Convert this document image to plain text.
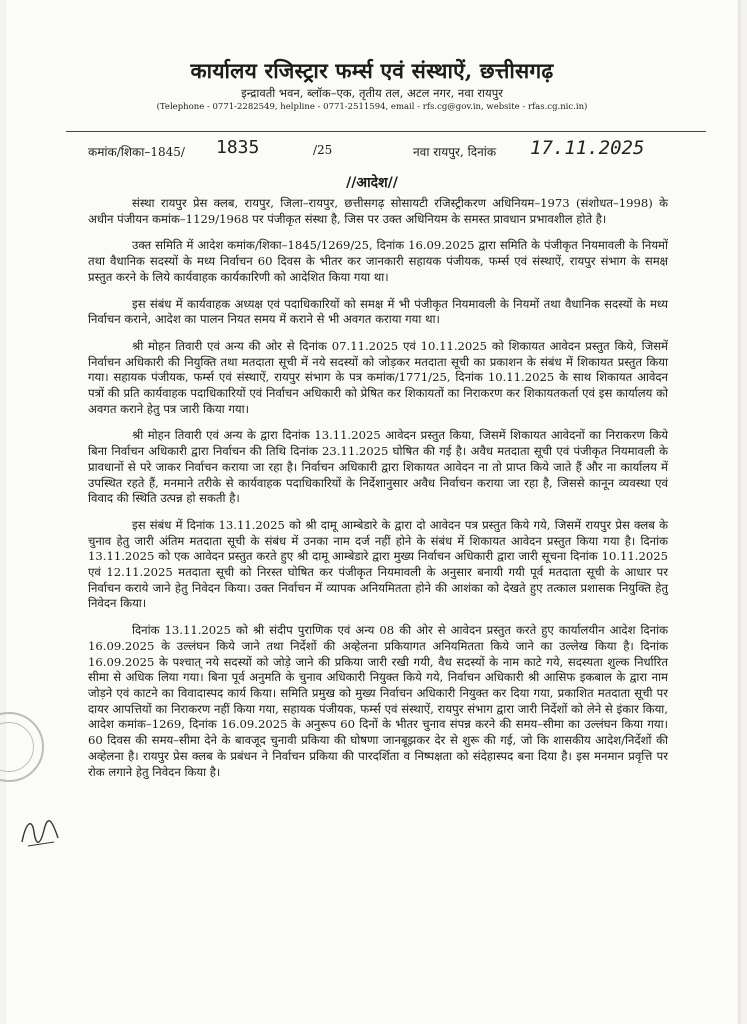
कार्यालय रजिस्ट्रार फर्म्स एवं संस्थाऐं, छत्तीसगढ़
इन्द्रावती भवन, ब्लॉक–एक, तृतीय तल, अटल नगर, नवा रायपुर
(Telephone - 0771-2282549, helpline - 0771-2511594, email - rfs.cg@gov.in, website - rfas.cg.nic.in)
कमांक/शिका–1845/ 1835	/25	नवा रायपुर, दिनांक 17.11.2025
//आदेश//

संस्था रायपुर प्रेस क्लब, रायपुर, जिला–रायपुर, छत्तीसगढ़ सोसायटी रजिस्ट्रीकरण अधिनियम–1973 (संशोधत–1998) के अधीन पंजीयन कमांक–1129/1968 पर पंजीकृत संस्था है, जिस पर उक्त अधिनियम के समस्त प्रावधान प्रभावशील होते है।

उक्त समिति में आदेश कमांक/शिका–1845/1269/25, दिनांक 16.09.2025 द्वारा समिति के पंजीकृत नियमावली के नियमों तथा वैधानिक सदस्यों के मध्य निर्वाचन 60 दिवस के भीतर कर जानकारी सहायक पंजीयक, फर्म्स एवं संस्थाऐं, रायपुर संभाग के समक्ष प्रस्तुत करने के लिये कार्यवाहक कार्यकारिणी को आदेशित किया गया था।

इस संबंध में कार्यवाहक अध्यक्ष एवं पदाधिकारियों को समक्ष में भी पंजीकृत नियमावली के नियमों तथा वैधानिक सदस्यों के मध्य निर्वाचन कराने, आदेश का पालन नियत समय में कराने से भी अवगत कराया गया था।

श्री मोहन तिवारी एवं अन्य की ओर से दिनांक 07.11.2025 एवं 10.11.2025 को शिकायत आवेदन प्रस्तुत किये, जिसमें निर्वाचन अधिकारी की नियुक्ति तथा मतदाता सूची में नये सदस्यों को जोड़कर मतदाता सूची का प्रकाशन के संबंध में शिकायत प्रस्तुत किया गया। सहायक पंजीयक, फर्म्स एवं संस्थाऐं, रायपुर संभाग के पत्र कमांक/1771/25, दिनांक 10.11.2025 के साथ शिकायत आवेदन पत्रों की प्रति कार्यवाहक पदाधिकारियों एवं निर्वाचन अधिकारी को प्रेषित कर शिकायतों का निराकरण कर शिकायतकर्ता एवं इस कार्यालय को अवगत कराने हेतु पत्र जारी किया गया।

श्री मोहन तिवारी एवं अन्य के द्वारा दिनांक 13.11.2025 आवेदन प्रस्तुत किया, जिसमें शिकायत आवेदनों का निराकरण किये बिना निर्वाचन अधिकारी द्वारा निर्वाचन की तिथि दिनांक 23.11.2025 घोषित की गई है। अवैध मतदाता सूची एवं पंजीकृत नियमावली के प्रावधानों से परे जाकर निर्वाचन कराया जा रहा है। निर्वाचन अधिकारी द्वारा शिकायत आवेदन ना तो प्राप्त किये जाते हैं और ना कार्यालय में उपस्थित रहते हैं, मनमाने तरीके से कार्यवाहक पदाधिकारियों के निर्देशानुसार अवैध निर्वाचन कराया जा रहा है, जिससे कानून व्यवस्था एवं विवाद की स्थिति उत्पन्न हो सकती है।

इस संबंध में दिनांक 13.11.2025 को श्री दामू आम्बेडारे के द्वारा दो आवेदन पत्र प्रस्तुत किये गये, जिसमें रायपुर प्रेस क्लब के चुनाव हेतु जारी अंतिम मतदाता सूची के संबंध में उनका नाम दर्ज नहीं होने के संबंध में शिकायत आवेदन प्रस्तुत किया गया है। दिनांक 13.11.2025 को एक आवेदन प्रस्तुत करते हुए श्री दामू आम्बेडारे द्वारा मुख्य निर्वाचन अधिकारी द्वारा जारी सूचना दिनांक 10.11.2025 एवं 12.11.2025 मतदाता सूची को निरस्त घोषित कर पंजीकृत नियमावली के अनुसार बनायी गयी पूर्व मतदाता सूची के आधार पर निर्वाचन कराये जाने हेतु निवेदन किया। उक्त निर्वाचन में व्यापक अनियमितता होने की आशंका को देखते हुए तत्काल प्रशासक नियुक्ति हेतु निवेदन किया।

दिनांक 13.11.2025 को श्री संदीप पुराणिक एवं अन्य 08 की ओर से आवेदन प्रस्तुत करते हुए कार्यालयीन आदेश दिनांक 16.09.2025 के उल्लंघन किये जाने तथा निर्देशों की अव्हेलना प्रकियागत अनियमितता किये जाने का उल्लेख किया है। दिनांक 16.09.2025 के पश्चात् नये सदस्यों को जोड़े जाने की प्रकिया जारी रखी गयी, वैध सदस्यों के नाम काटे गये, सदस्यता शुल्क निर्धारित सीमा से अधिक लिया गया। बिना पूर्व अनुमति के चुनाव अधिकारी नियुक्त किये गये, निर्वाचन अधिकारी श्री आसिफ इकबाल के द्वारा नाम जोड़ने एवं काटने का विवादास्पद कार्य किया। समिति प्रमुख को मुख्य निर्वाचन अधिकारी नियुक्त कर दिया गया, प्रकाशित मतदाता सूची पर दायर आपत्तियों का निराकरण नहीं किया गया, सहायक पंजीयक, फर्म्स एवं संस्थाऐं, रायपुर संभाग द्वारा जारी निर्देशों को लेने से इंकार किया, आदेश कमांक–1269, दिनांक 16.09.2025 के अनुरूप 60 दिनों के भीतर चुनाव संपन्न करने की समय–सीमा का उल्लंघन किया गया। 60 दिवस की समय–सीमा देने के बावजूद चुनावी प्रकिया की घोषणा जानबूझकर देर से शुरू की गई, जो कि शासकीय आदेश/निर्देशों की अव्हेलना है। रायपुर प्रेस क्लब के प्रबंधन ने निर्वाचन प्रकिया की पारदर्शिता व निष्पक्षता को संदेहास्पद बना दिया है। इस मनमान प्रवृत्ति पर रोक लगाने हेतु निवेदन किया है।
